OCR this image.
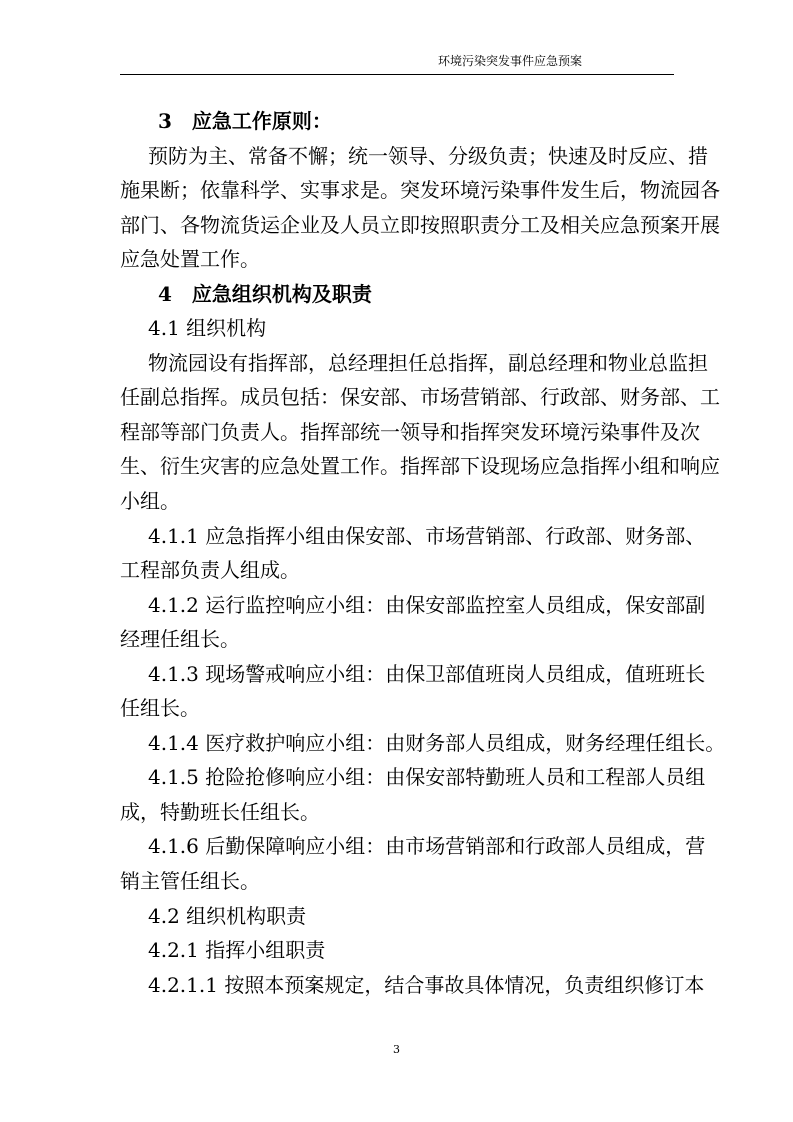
环境污染突发事件应急预案
3　应急工作原则：
预防为主、常备不懈；统一领导、分级负责；快速及时反应、措
施果断；依靠科学、实事求是。突发环境污染事件发生后，物流园各
部门、各物流货运企业及人员立即按照职责分工及相关应急预案开展
应急处置工作。
4　应急组织机构及职责
4.1 组织机构
物流园设有指挥部，总经理担任总指挥，副总经理和物业总监担
任副总指挥。成员包括：保安部、市场营销部、行政部、财务部、工
程部等部门负责人。指挥部统一领导和指挥突发环境污染事件及次
生、衍生灾害的应急处置工作。指挥部下设现场应急指挥小组和响应
小组。
4.1.1 应急指挥小组由保安部、市场营销部、行政部、财务部、
工程部负责人组成。
4.1.2 运行监控响应小组：由保安部监控室人员组成，保安部副
经理任组长。
4.1.3 现场警戒响应小组：由保卫部值班岗人员组成，值班班长
任组长。
4.1.4 医疗救护响应小组：由财务部人员组成，财务经理任组长。
4.1.5 抢险抢修响应小组：由保安部特勤班人员和工程部人员组
成，特勤班长任组长。
4.1.6 后勤保障响应小组：由市场营销部和行政部人员组成，营
销主管任组长。
4.2 组织机构职责
4.2.1 指挥小组职责
4.2.1.1 按照本预案规定，结合事故具体情况，负责组织修订本
3
